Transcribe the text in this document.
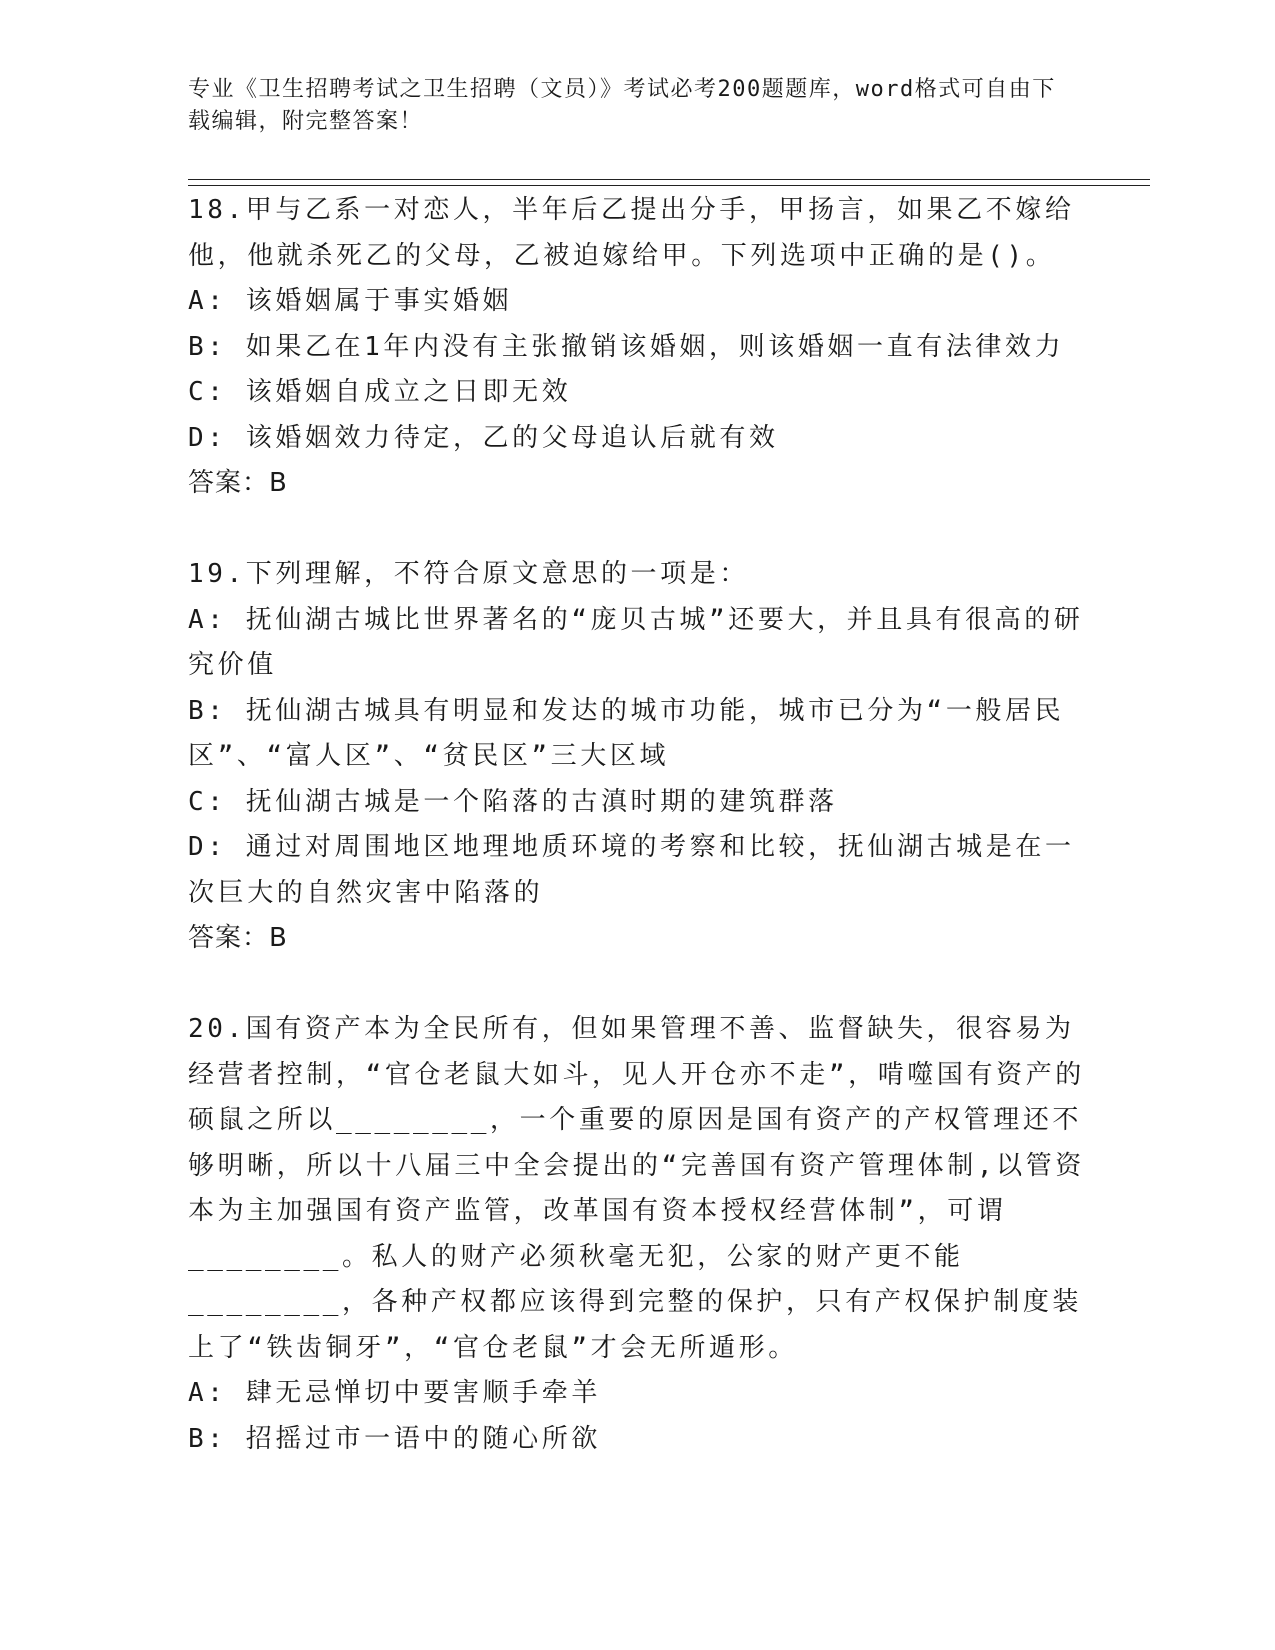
专业《卫生招聘考试之卫生招聘（文员）》考试必考200题题库，word格式可自由下载编辑，附完整答案！

18.甲与乙系一对恋人，半年后乙提出分手，甲扬言，如果乙不嫁给他，他就杀死乙的父母，乙被迫嫁给甲。下列选项中正确的是()。

A: 该婚姻属于事实婚姻

B: 如果乙在1年内没有主张撤销该婚姻，则该婚姻一直有法律效力

C: 该婚姻自成立之日即无效

D: 该婚姻效力待定，乙的父母追认后就有效

答案：B

19.下列理解，不符合原文意思的一项是：

A: 抚仙湖古城比世界著名的“庞贝古城”还要大，并且具有很高的研究价值

B: 抚仙湖古城具有明显和发达的城市功能，城市已分为“一般居民区”、“富人区”、“贫民区”三大区域

C: 抚仙湖古城是一个陷落的古滇时期的建筑群落

D: 通过对周围地区地理地质环境的考察和比较，抚仙湖古城是在一次巨大的自然灾害中陷落的

答案：B

20.国有资产本为全民所有，但如果管理不善、监督缺失，很容易为经营者控制，“官仓老鼠大如斗，见人开仓亦不走”，啃噬国有资产的硕鼠之所以________，一个重要的原因是国有资产的产权管理还不够明晰，所以十八届三中全会提出的“完善国有资产管理体制,以管资本为主加强国有资产监管，改革国有资本授权经营体制”，可谓________。私人的财产必须秋毫无犯，公家的财产更不能________，各种产权都应该得到完整的保护，只有产权保护制度装上了“铁齿铜牙”，“官仓老鼠”才会无所遁形。

A: 肆无忌惮切中要害顺手牵羊

B: 招摇过市一语中的随心所欲
